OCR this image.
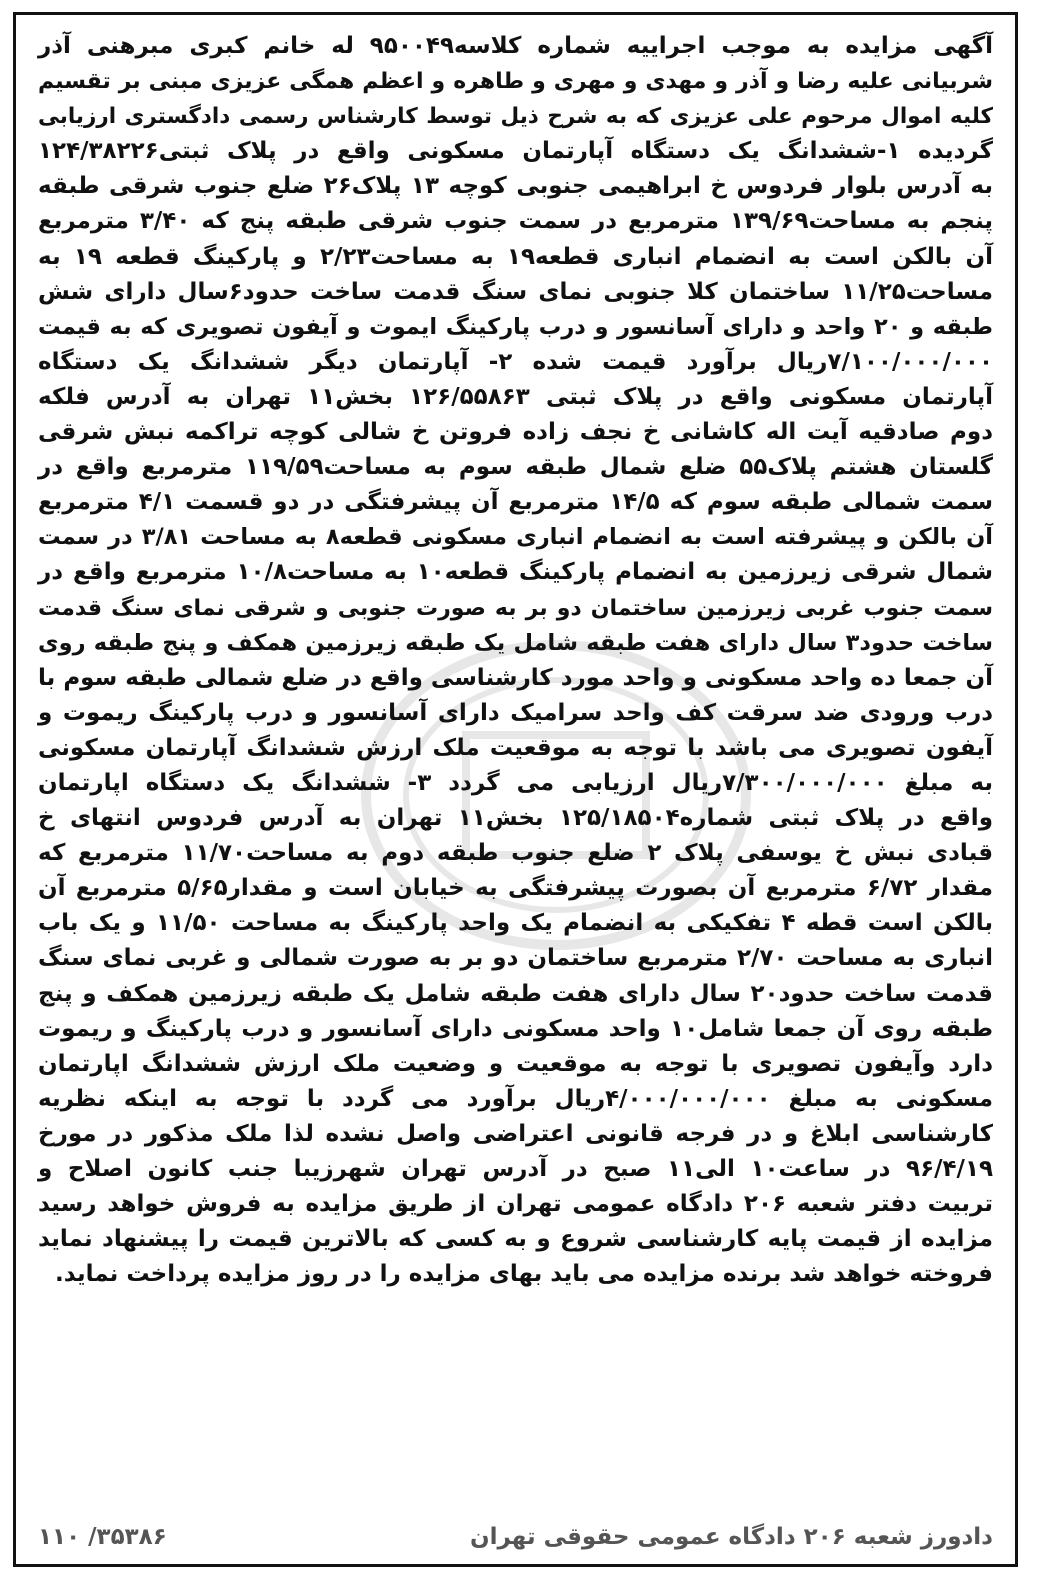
آگهی مزایده به موجب اجراییه شماره کلاسه۹۵۰۰۴۹ له خانم کبری مبرهنی آذر
شربیانی علیه رضا و آذر و مهدی و مهری و طاهره و اعظم همگی عزیزی مبنی بر تقسیم
کلیه اموال مرحوم علی عزیزی که به شرح ذیل توسط کارشناس رسمی دادگستری ارزیابی
گردیده ۱-ششدانگ یک دستگاه آپارتمان مسکونی واقع در پلاک ثبتی۱۲۴/۳۸۲۲۶
به آدرس بلوار فردوس خ ابراهیمی جنوبی کوچه ۱۳ پلاک۲۶ ضلع جنوب شرقی طبقه
پنجم به مساحت۱۳۹/۶۹ مترمربع در سمت جنوب شرقی طبقه پنج که ۳/۴۰ مترمربع
آن بالکن است به انضمام انباری قطعه۱۹ به مساحت۲/۲۳ و پارکینگ قطعه ۱۹ به
مساحت۱۱/۲۵ ساختمان کلا جنوبی نمای سنگ قدمت ساخت حدود۶سال دارای شش
طبقه و ۲۰ واحد و دارای آسانسور و درب پارکینگ ایموت و آیفون تصویری که به قیمت
۷/۱۰۰/۰۰۰/۰۰۰ریال برآورد قیمت شده ۲- آپارتمان دیگر ششدانگ یک دستگاه
آپارتمان مسکونی واقع در پلاک ثبتی ۱۲۶/۵۵۸۶۳ بخش۱۱ تهران به آدرس فلکه
دوم صادقیه آیت اله کاشانی خ نجف زاده فروتن خ شالی کوچه تراکمه نبش شرقی
گلستان هشتم پلاک۵۵ ضلع شمال طبقه سوم به مساحت۱۱۹/۵۹ مترمربع واقع در
سمت شمالی طبقه سوم که ۱۴/۵ مترمربع آن پیشرفتگی در دو قسمت ۴/۱ مترمربع
آن بالکن و پیشرفته است به انضمام انباری مسکونی قطعه۸ به مساحت ۳/۸۱ در سمت
شمال شرقی زیرزمین به انضمام پارکینگ قطعه۱۰ به مساحت۱۰/۸ مترمربع واقع در
سمت جنوب غربی زیرزمین ساختمان دو بر به صورت جنوبی و شرقی نمای سنگ قدمت
ساخت حدود۳ سال دارای هفت طبقه شامل یک طبقه زیرزمین همکف و پنج طبقه روی
آن جمعا ده واحد مسکونی و واحد مورد کارشناسی واقع در ضلع شمالی طبقه سوم با
درب ورودی ضد سرقت کف واحد سرامیک دارای آسانسور و درب پارکینگ ریموت و
آیفون تصویری می باشد با توجه به موقعیت ملک ارزش ششدانگ آپارتمان مسکونی
به مبلغ ۷/۳۰۰/۰۰۰/۰۰۰ریال ارزیابی می گردد ۳- ششدانگ یک دستگاه اپارتمان
واقع در پلاک ثبتی شماره۱۲۵/۱۸۵۰۴ بخش۱۱ تهران به آدرس فردوس انتهای خ
قبادی نبش خ یوسفی پلاک ۲ ضلع جنوب طبقه دوم به مساحت۱۱/۷۰ مترمربع که
مقدار ۶/۷۲ مترمربع آن بصورت پیشرفتگی به خیابان است و مقدار۵/۶۵ مترمربع آن
بالکن است قطه ۴ تفکیکی به انضمام یک واحد پارکینگ به مساحت ۱۱/۵۰ و یک باب
انباری به مساحت ۲/۷۰ مترمربع ساختمان دو بر به صورت شمالی و غربی نمای سنگ
قدمت ساخت حدود۲۰ سال دارای هفت طبقه شامل یک طبقه زیرزمین همکف و پنج
طبقه روی آن جمعا شامل۱۰ واحد مسکونی دارای آسانسور و درب پارکینگ و ریموت
دارد وآیفون تصویری با توجه به موقعیت و وضعیت ملک ارزش ششدانگ اپارتمان
مسکونی به مبلغ ۴/۰۰۰/۰۰۰/۰۰۰ریال برآورد می گردد با توجه به اینکه نظریه
کارشناسی ابلاغ و در فرجه قانونی اعتراضی واصل نشده لذا ملک مذکور در مورخ
۹۶/۴/۱۹ در ساعت۱۰ الی۱۱ صبح در آدرس تهران شهرزیبا جنب کانون اصلاح و
تربیت دفتر شعبه ۲۰۶ دادگاه عمومی تهران از طریق مزایده به فروش خواهد رسید
مزایده از قیمت پایه کارشناسی شروع و به کسی که بالاترین قیمت را پیشنهاد نماید
فروخته خواهد شد برنده مزایده می باید بهای مزایده را در روز مزایده پرداخت نماید.
دادورز شعبه ۲۰۶ دادگاه عمومی حقوقی تهران
۳۵۳۸۶/ ۱۱۰
